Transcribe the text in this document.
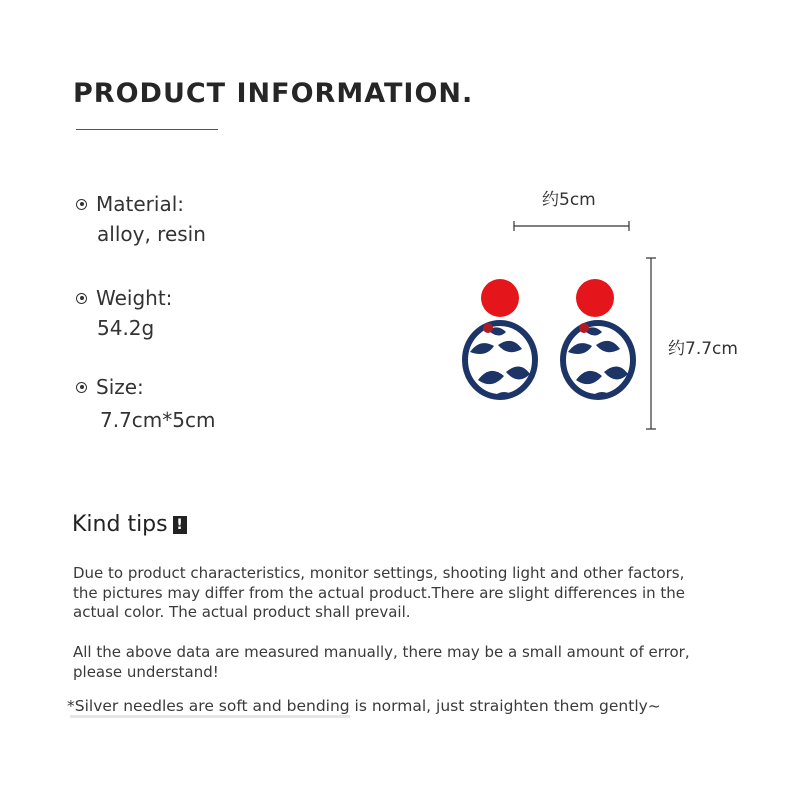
PRODUCT INFORMATION.
Material:
alloy, resin
Weight:
54.2g
Size:
7.7cm*5cm
约5cm
约7.7cm
Kind tips !

Due to product characteristics, monitor settings, shooting light and other factors, the pictures may differ from the actual product.There are slight differences in the actual color. The actual product shall prevail.

All the above data are measured manually, there may be a small amount of error, please understand!

*Silver needles are soft and bending is normal, just straighten them gently~
